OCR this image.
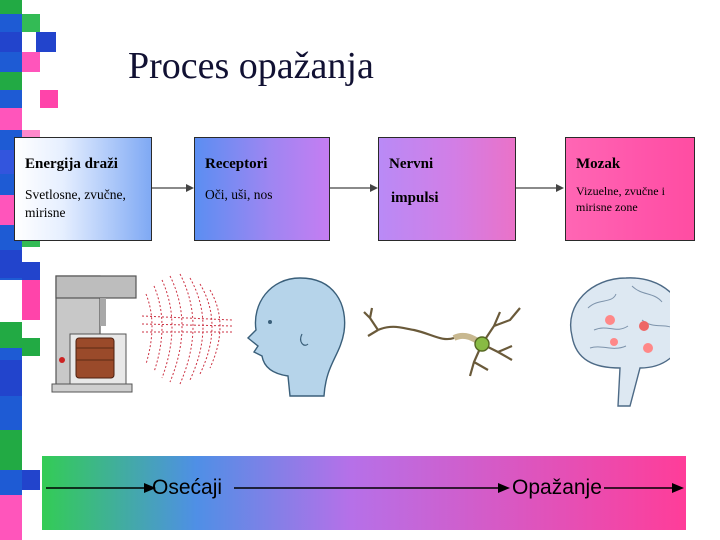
Proces opažanja
Energija draži
Svetlosne, zvučne, mirisne
Receptori
Oči, uši, nos
Nervni
impulsi
Mozak
Vizuelne, zvučne i mirisne zone
Osećaji	Opažanje
